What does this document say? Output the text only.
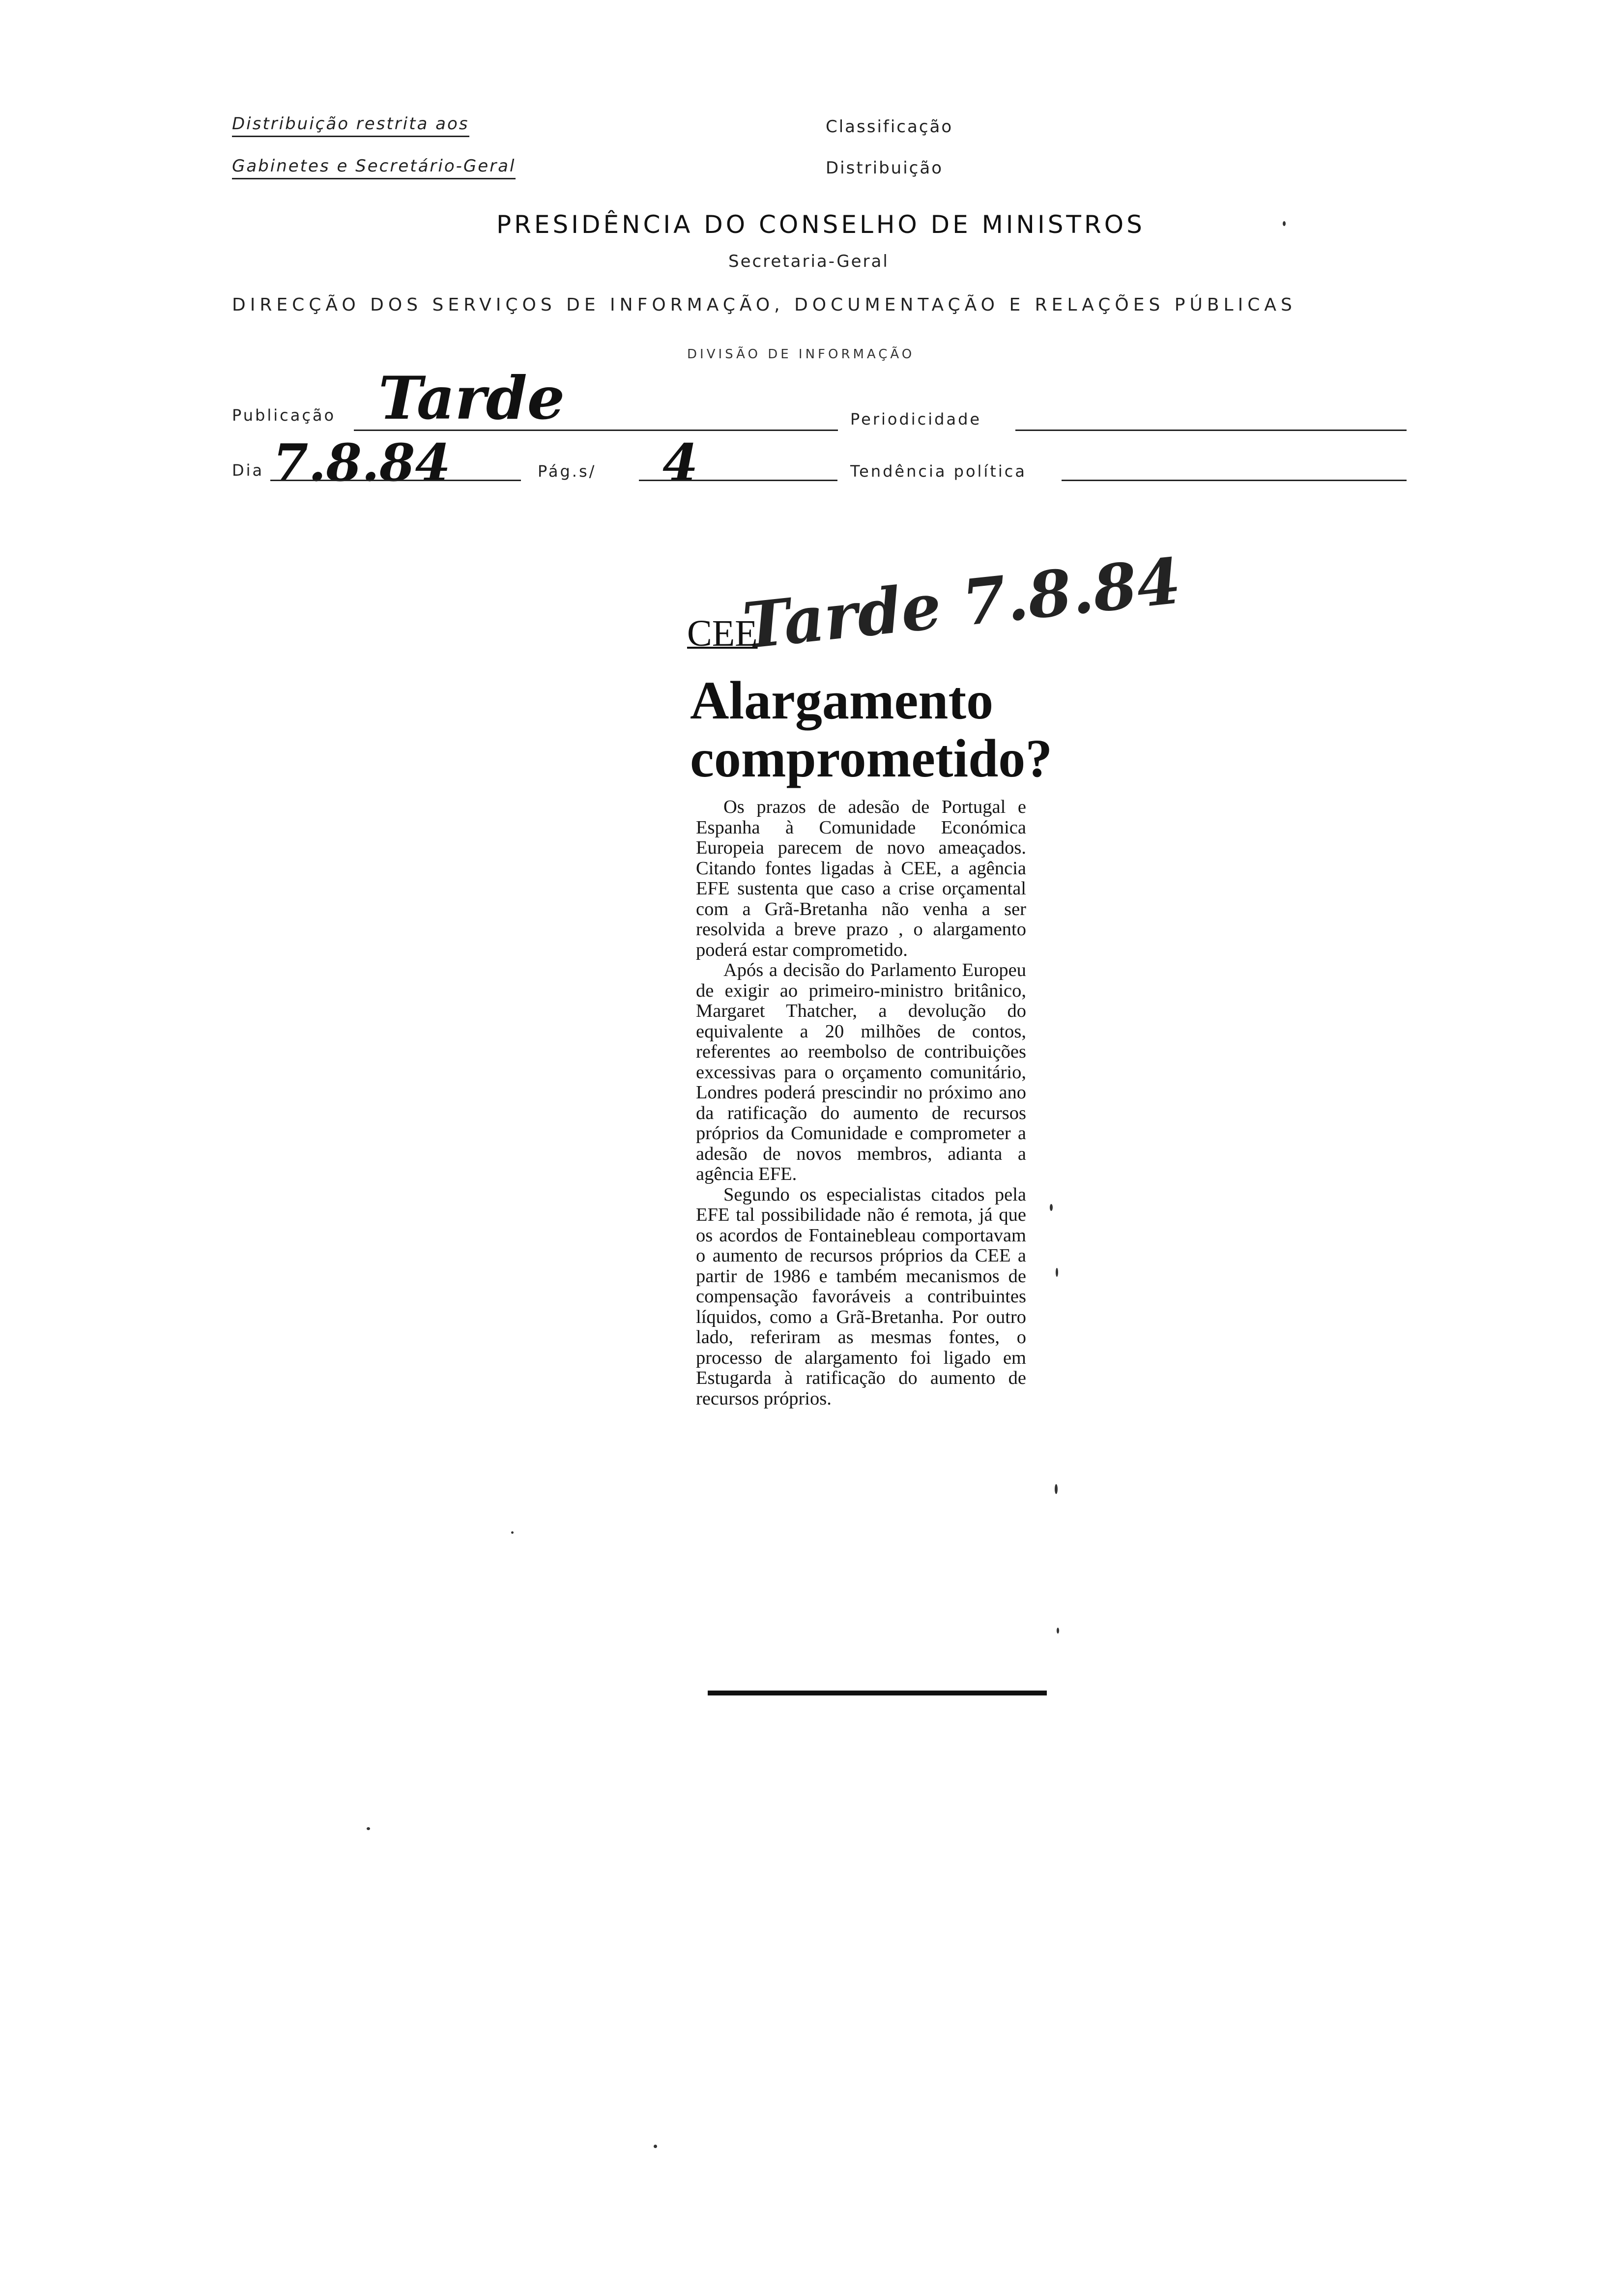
Distribuição restrita aos
Gabinetes e Secretário-Geral
Classificação
Distribuição
PRESIDÊNCIA DO CONSELHO DE MINISTROS
Secretaria-Geral
DIRECÇÃO DOS SERVIÇOS DE INFORMAÇÃO, DOCUMENTAÇÃO E RELAÇÕES PÚBLICAS
DIVISÃO DE INFORMAÇÃO
Publicação Tarde	Periodicidade
Dia 7.8.84	Pág.s/ 4	Tendência política
CEE
Tarde 7.8.84
Alargamento
comprometido?

Os prazos de adesão de Portugal e Espanha à Comunidade Económica Europeia parecem de novo ameaçados. Citando fontes ligadas à CEE, a agência EFE sustenta que caso a crise orçamental com a Grã-Bretanha não venha a ser resolvida a breve prazo , o alargamento poderá estar comprometido.

Após a decisão do Parlamento Europeu de exigir ao primeiro-ministro britânico, Margaret Thatcher, a devolução do equivalente a 20 milhões de contos, referentes ao reembolso de contribuições excessivas para o orçamento comunitário, Londres poderá prescindir no próximo ano da ratificação do aumento de recursos próprios da Comunidade e comprometer a adesão de novos membros, adianta a agência EFE.

Segundo os especialistas citados pela EFE tal possibilidade não é remota, já que os acordos de Fontainebleau comportavam o aumento de recursos próprios da CEE a partir de 1986 e também mecanismos de compensação favoráveis a contribuintes líquidos, como a Grã-Bretanha. Por outro lado, referiram as mesmas fontes, o processo de alargamento foi ligado em Estugarda à ratificação do aumento de recursos próprios.
